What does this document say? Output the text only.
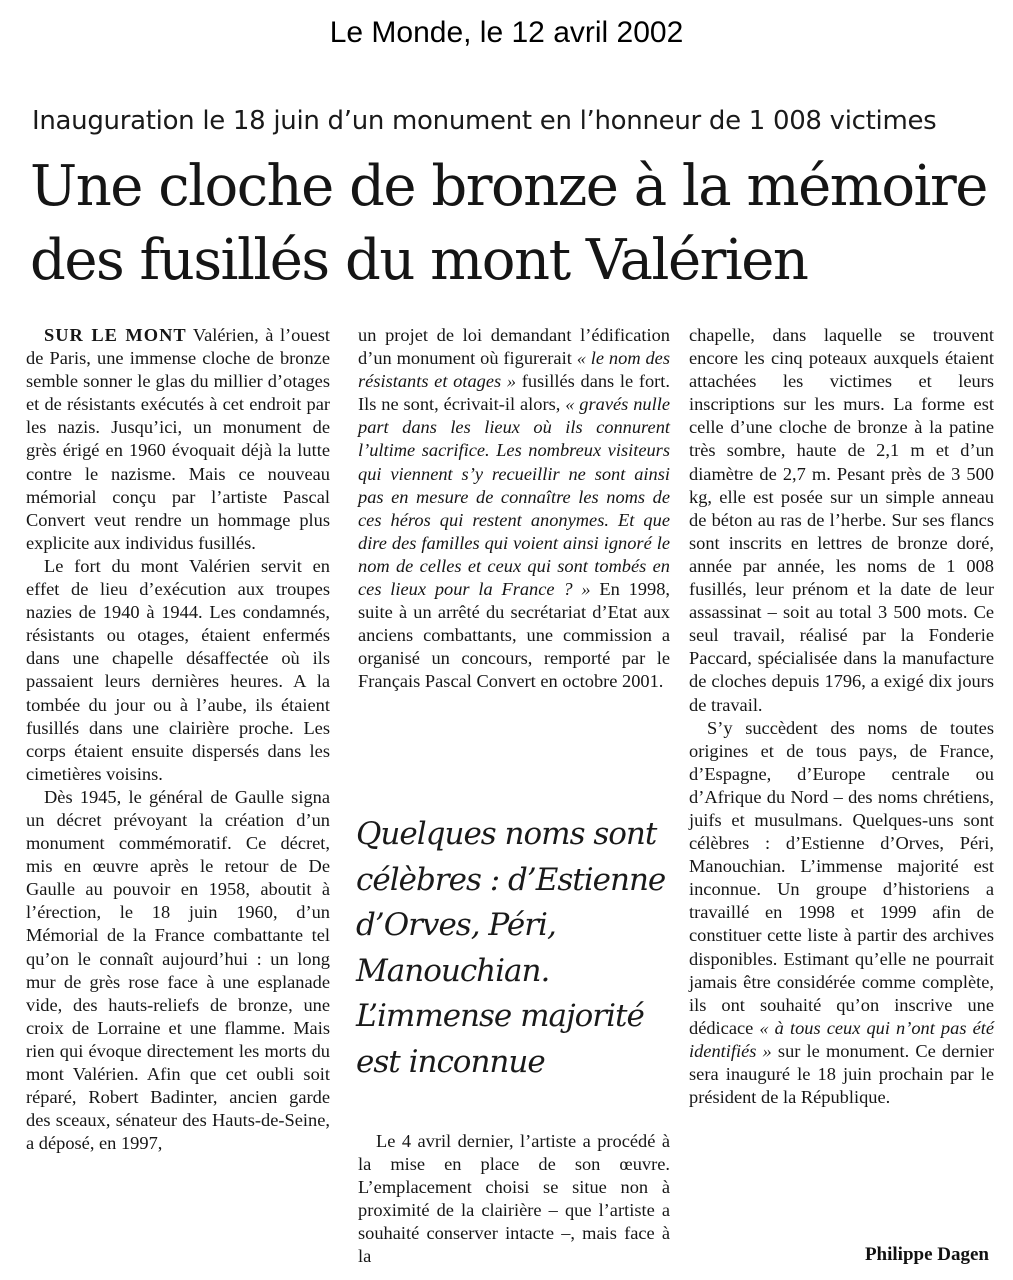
Le Monde, le 12 avril 2002
Inauguration le 18 juin d’un monument en l’honneur de 1 008 victimes
Une cloche de bronze à la mémoire
des fusillés du mont Valérien

SUR LE MONT Valérien, à l’ouest de Paris, une immense cloche de bronze semble sonner le glas du millier d’otages et de résistants exécutés à cet endroit par les nazis. Jusqu’ici, un monument de grès érigé en 1960 évoquait déjà la lutte contre le nazisme. Mais ce nouveau mémorial conçu par l’artiste Pascal Convert veut rendre un hommage plus explicite aux individus fusillés.

Le fort du mont Valérien servit en effet de lieu d’exécution aux troupes nazies de 1940 à 1944. Les condamnés, résistants ou otages, étaient enfermés dans une chapelle désaffectée où ils passaient leurs dernières heures. A la tombée du jour ou à l’aube, ils étaient fusillés dans une clairière proche. Les corps étaient ensuite dispersés dans les cimetières voisins.

Dès 1945, le général de Gaulle signa un décret prévoyant la création d’un monument commémoratif. Ce décret, mis en œuvre après le retour de De Gaulle au pouvoir en 1958, aboutit à l’érection, le 18 juin 1960, d’un Mémorial de la France combattante tel qu’on le connaît aujourd’hui : un long mur de grès rose face à une esplanade vide, des hauts-reliefs de bronze, une croix de Lorraine et une flamme. Mais rien qui évoque directement les morts du mont Valérien. Afin que cet oubli soit réparé, Robert Badinter, ancien garde des sceaux, sénateur des Hauts-de-Seine, a déposé, en 1997,

un projet de loi demandant l’édification d’un monument où figurerait « le nom des résistants et otages » fusillés dans le fort. Ils ne sont, écrivait-il alors, « gravés nulle part dans les lieux où ils connurent l’ultime sacrifice. Les nombreux visiteurs qui viennent s’y recueillir ne sont ainsi pas en mesure de connaître les noms de ces héros qui restent anonymes. Et que dire des familles qui voient ainsi ignoré le nom de celles et ceux qui sont tombés en ces lieux pour la France ? » En 1998, suite à un arrêté du secrétariat d’Etat aux anciens combattants, une commission a organisé un concours, remporté par le Français Pascal Convert en octobre 2001.

Quelques noms sont célèbres : d’Estienne d’Orves, Péri, Manouchian. L’immense majorité est inconnue

Le 4 avril dernier, l’artiste a procédé à la mise en place de son œuvre. L’emplacement choisi se situe non à proximité de la clairière – que l’artiste a souhaité conserver intacte –, mais face à la

chapelle, dans laquelle se trouvent encore les cinq poteaux auxquels étaient attachées les victimes et leurs inscriptions sur les murs. La forme est celle d’une cloche de bronze à la patine très sombre, haute de 2,1 m et d’un diamètre de 2,7 m. Pesant près de 3 500 kg, elle est posée sur un simple anneau de béton au ras de l’herbe. Sur ses flancs sont inscrits en lettres de bronze doré, année par année, les noms de 1 008 fusillés, leur prénom et la date de leur assassinat – soit au total 3 500 mots. Ce seul travail, réalisé par la Fonderie Paccard, spécialisée dans la manufacture de cloches depuis 1796, a exigé dix jours de travail.

S’y succèdent des noms de toutes origines et de tous pays, de France, d’Espagne, d’Europe centrale ou d’Afrique du Nord – des noms chrétiens, juifs et musulmans. Quelques-uns sont célèbres : d’Estienne d’Orves, Péri, Manouchian. L’immense majorité est inconnue. Un groupe d’historiens a travaillé en 1998 et 1999 afin de constituer cette liste à partir des archives disponibles. Estimant qu’elle ne pourrait jamais être considérée comme complète, ils ont souhaité qu’on inscrive une dédicace « à tous ceux qui n’ont pas été identifiés » sur le monument. Ce dernier sera inauguré le 18 juin prochain par le président de la République.

Philippe Dagen
